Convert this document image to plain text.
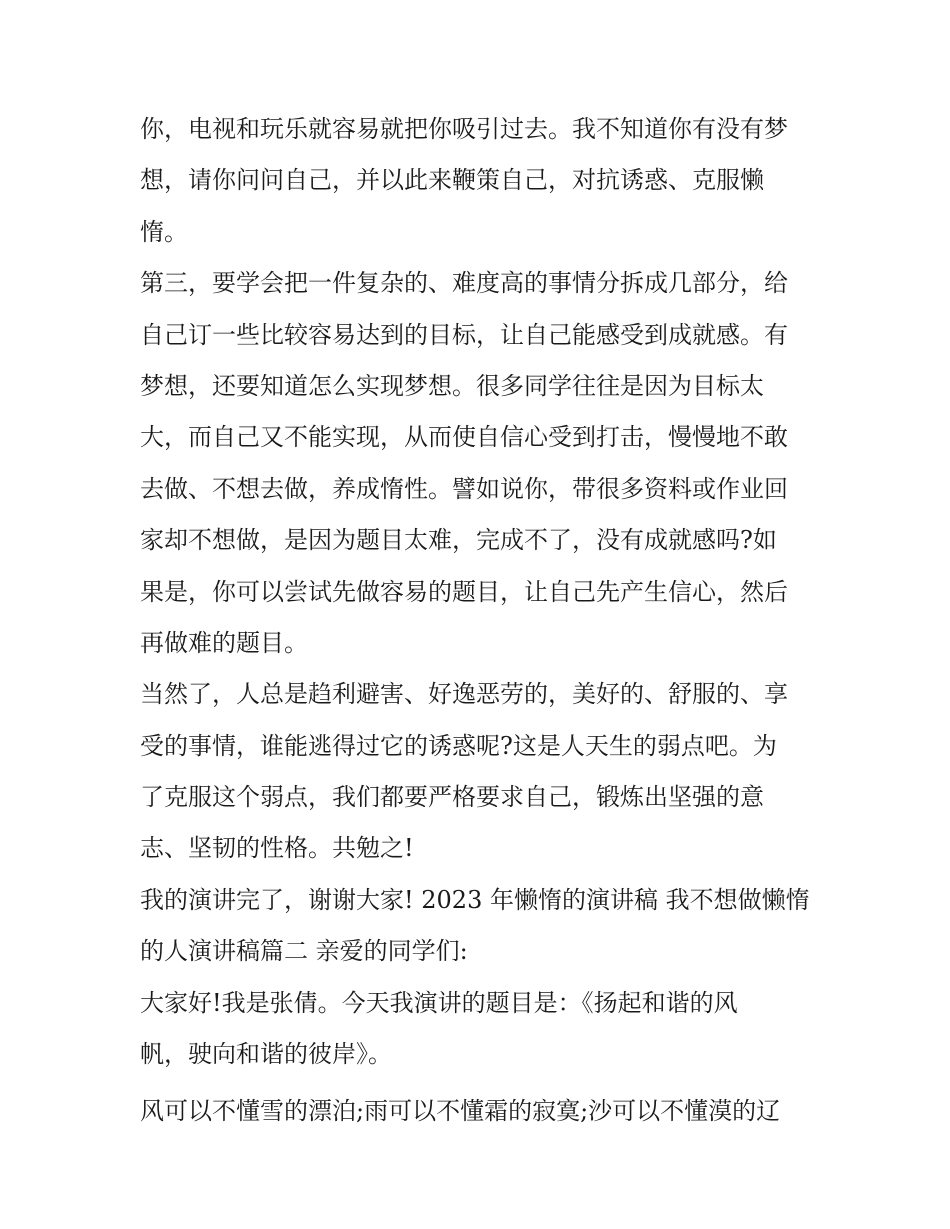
你，电视和玩乐就容易就把你吸引过去。我不知道你有没有梦
想，请你问问自己，并以此来鞭策自己，对抗诱惑、克服懒
惰。
第三，要学会把一件复杂的、难度高的事情分拆成几部分，给
自己订一些比较容易达到的目标，让自己能感受到成就感。有
梦想，还要知道怎么实现梦想。很多同学往往是因为目标太
大，而自己又不能实现，从而使自信心受到打击，慢慢地不敢
去做、不想去做，养成惰性。譬如说你，带很多资料或作业回
家却不想做，是因为题目太难，完成不了，没有成就感吗?如
果是，你可以尝试先做容易的题目，让自己先产生信心，然后
再做难的题目。
当然了，人总是趋利避害、好逸恶劳的，美好的、舒服的、享
受的事情，谁能逃得过它的诱惑呢?这是人天生的弱点吧。为
了克服这个弱点，我们都要严格要求自己，锻炼出坚强的意
志、坚韧的性格。共勉之!
我的演讲完了，谢谢大家! 2023 年懒惰的演讲稿 我不想做懒惰
的人演讲稿篇二 亲爱的同学们:
大家好!我是张倩。今天我演讲的题目是：《扬起和谐的风
帆，驶向和谐的彼岸》。
风可以不懂雪的漂泊;雨可以不懂霜的寂寞;沙可以不懂漠的辽
